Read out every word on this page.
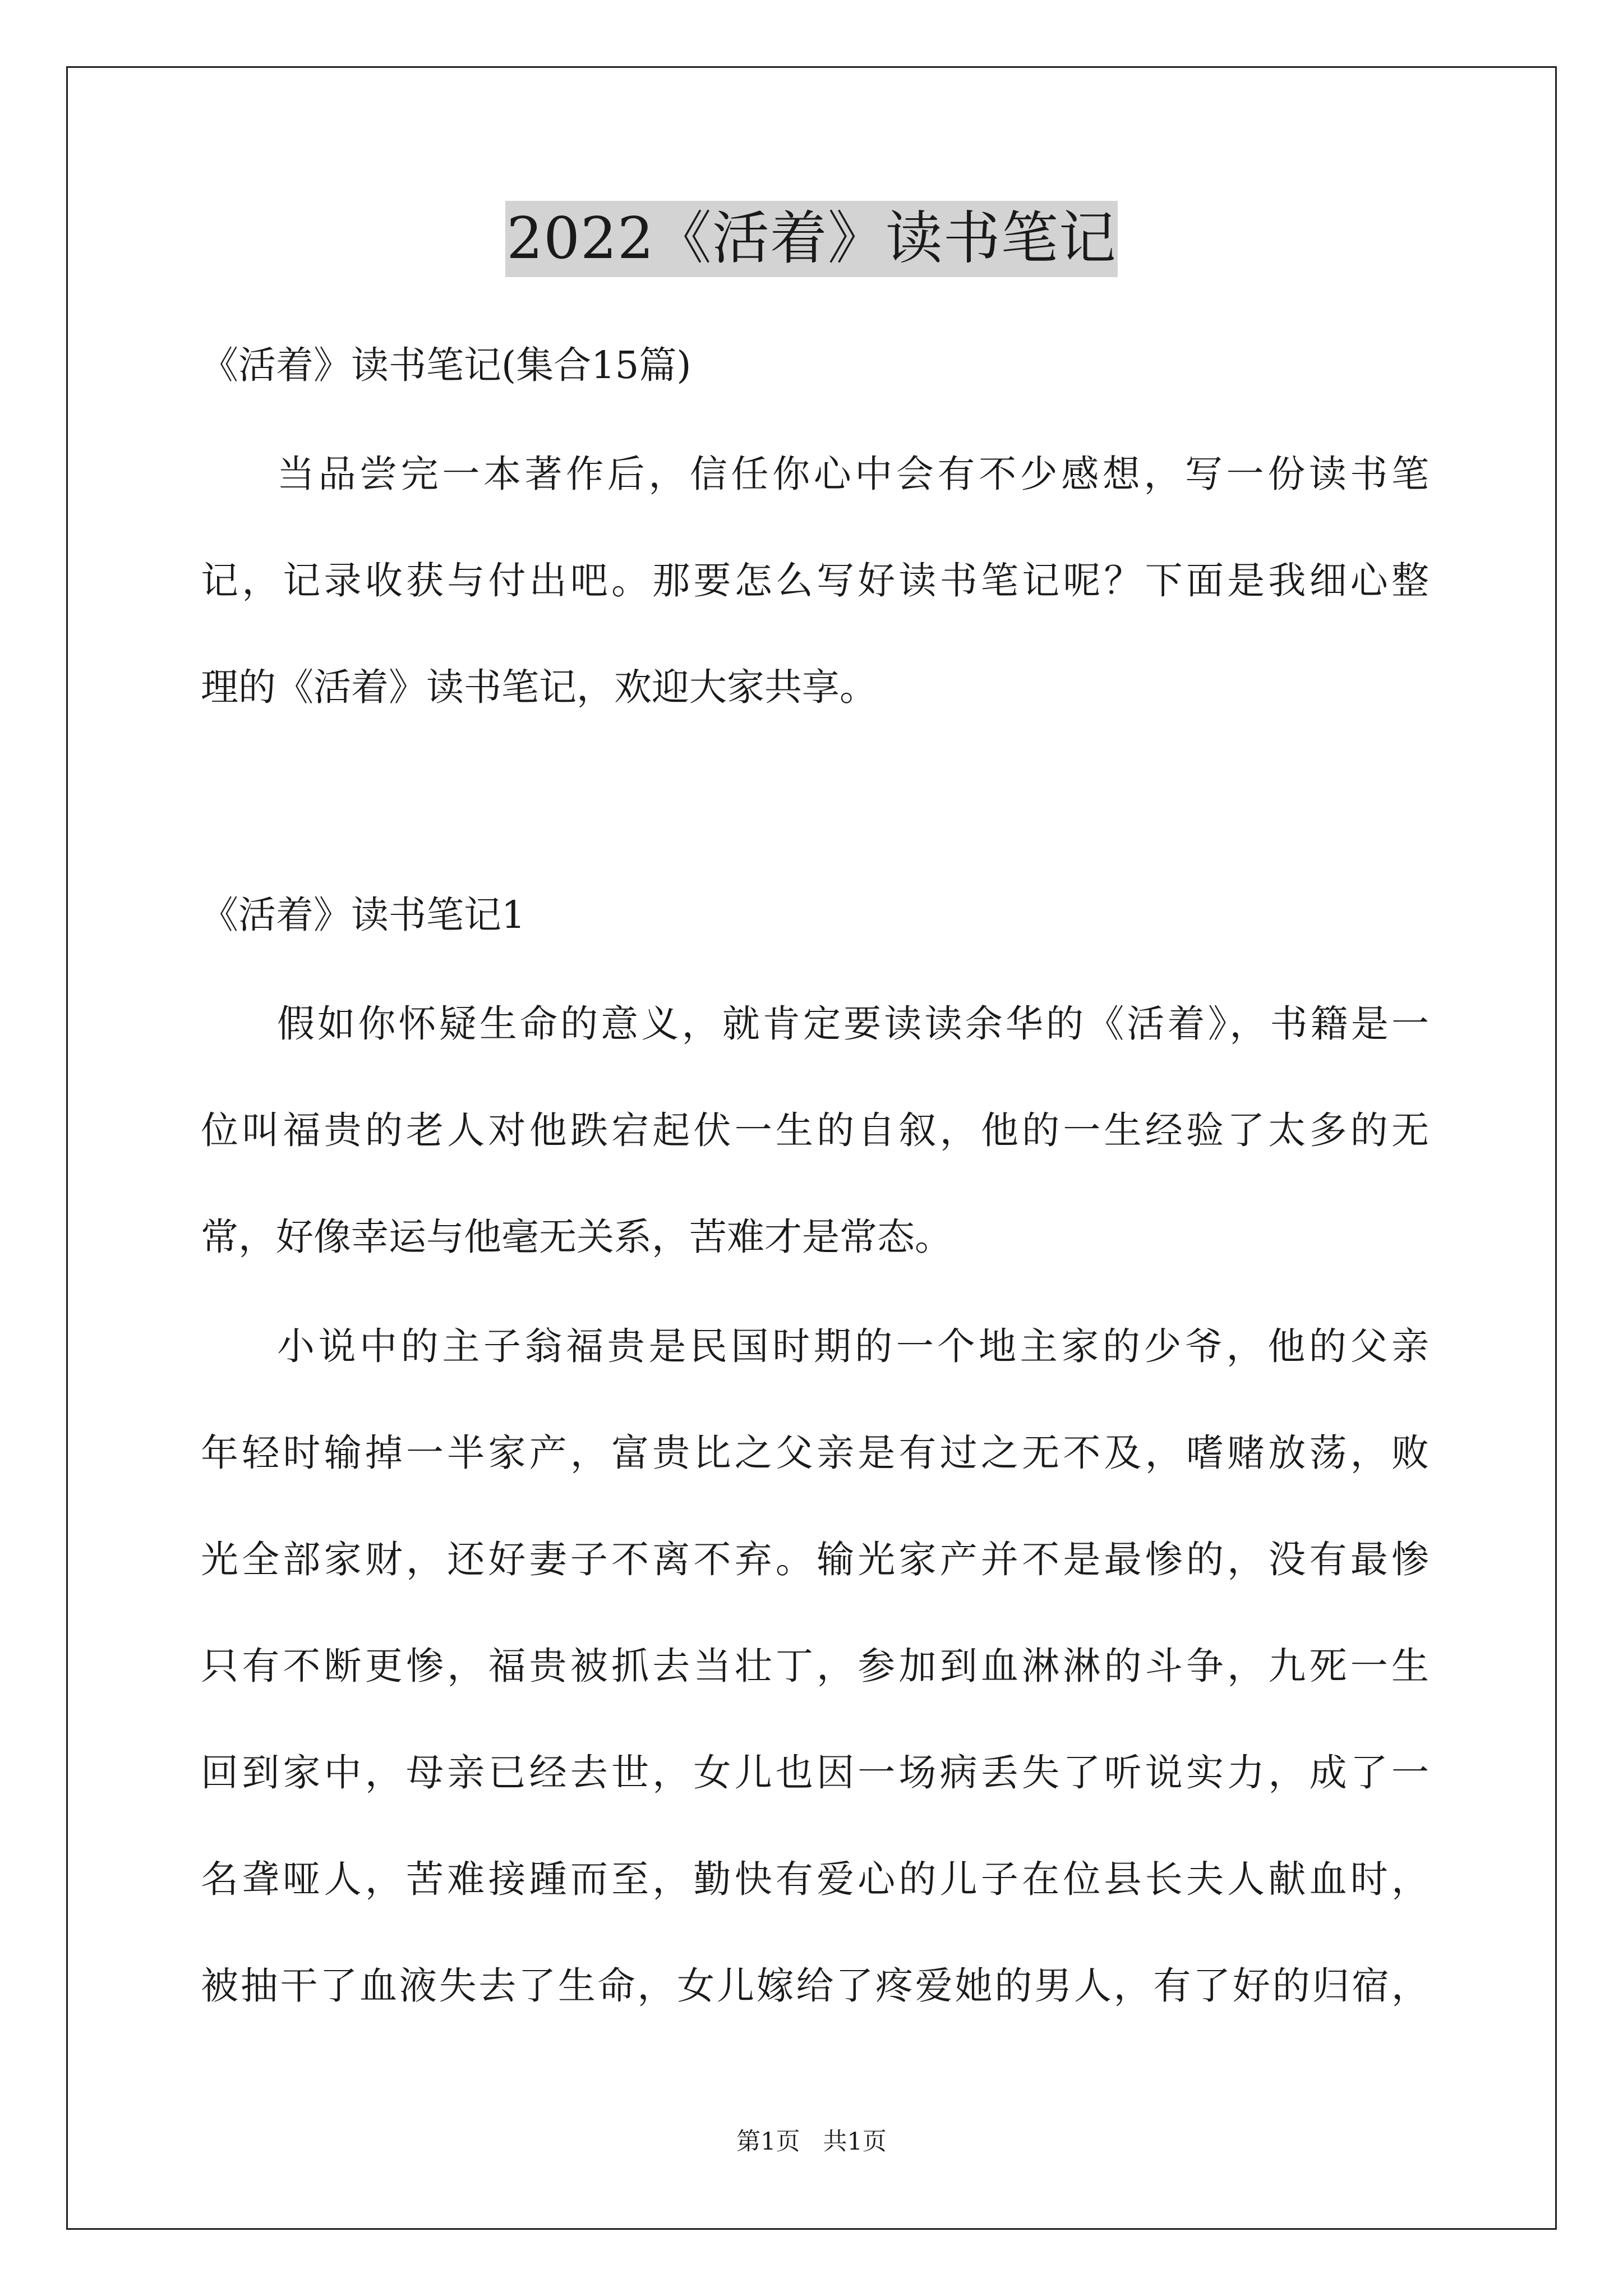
2022《活着》读书笔记
《活着》读书笔记(集合15篇)
当品尝完一本著作后，信任你心中会有不少感想，写一份读书笔
记，记录收获与付出吧。那要怎么写好读书笔记呢？下面是我细心整
理的《活着》读书笔记，欢迎大家共享。
《活着》读书笔记1
假如你怀疑生命的意义，就肯定要读读余华的《活着》，书籍是一
位叫福贵的老人对他跌宕起伏一生的自叙，他的一生经验了太多的无
常，好像幸运与他毫无关系，苦难才是常态。
小说中的主子翁福贵是民国时期的一个地主家的少爷，他的父亲
年轻时输掉一半家产，富贵比之父亲是有过之无不及，嗜赌放荡，败
光全部家财，还好妻子不离不弃。输光家产并不是最惨的，没有最惨
只有不断更惨，福贵被抓去当壮丁，参加到血淋淋的斗争，九死一生
回到家中，母亲已经去世，女儿也因一场病丢失了听说实力，成了一
名聋哑人，苦难接踵而至，勤快有爱心的儿子在位县长夫人献血时，
被抽干了血液失去了生命，女儿嫁给了疼爱她的男人，有了好的归宿，
第1页 共1页
